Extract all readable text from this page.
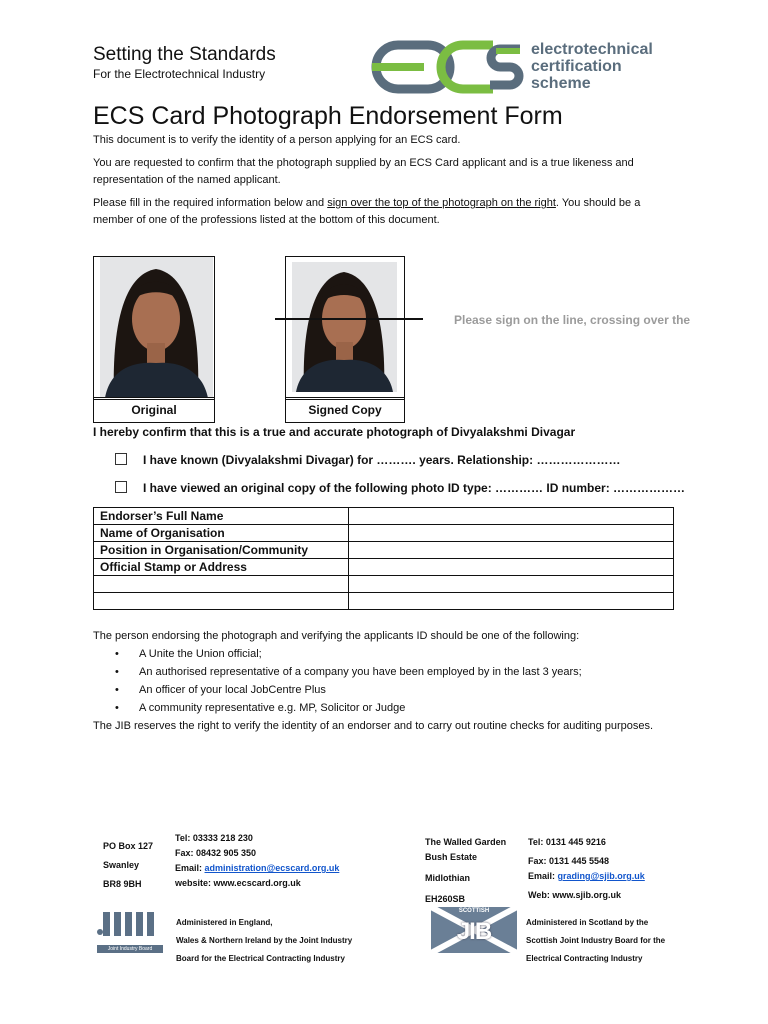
Setting the Standards
For the Electrotechnical Industry
electrotechnical
certification
scheme
ECS Card Photograph Endorsement Form
This document is to verify the identity of a person applying for an ECS card.
You are requested to confirm that the photograph supplied by an ECS Card applicant and is a true likeness and representation of the named applicant.
Please fill in the required information below and sign over the top of the photograph on the right. You should be a member of one of the professions listed at the bottom of this document.
Original	Signed Copy
Please sign on the line, crossing over the
I hereby confirm that this is a true and accurate photograph of Divyalakshmi Divagar
I have known (Divyalakshmi Divagar) for ………. years. Relationship: …………………
I have viewed an original copy of the following photo ID type: ………… ID number: ………………
Endorser’s Full Name	
Name of Organisation	
Position in Organisation/Community	
Official Stamp or Address	

The person endorsing the photograph and verifying the applicants ID should be one of the following:
• A Unite the Union official;
• An authorised representative of a company you have been employed by in the last 3 years;
• An officer of your local JobCentre Plus
• A community representative e.g. MP, Solicitor or Judge
The JIB reserves the right to verify the identity of an endorser and to carry out routine checks for auditing purposes.
PO Box 127
Swanley
BR8 9BH
Tel: 03333 218 230
Fax: 08432 905 350
Email: administration@ecscard.org.uk
website: www.ecscard.org.uk
The Walled Garden
Bush Estate
Midlothian
EH260SB
Tel: 0131 445 9216
Fax: 0131 445 5548
Email: grading@sjib.org.uk
Web: www.sjib.org.uk
Joint Industry Board
Administered in England,
Wales & Northern Ireland by the Joint Industry
Board for the Electrical Contracting Industry
SCOTTISH
JIB	Administered in Scotland by the
Scottish Joint Industry Board for the
Electrical Contracting Industry
